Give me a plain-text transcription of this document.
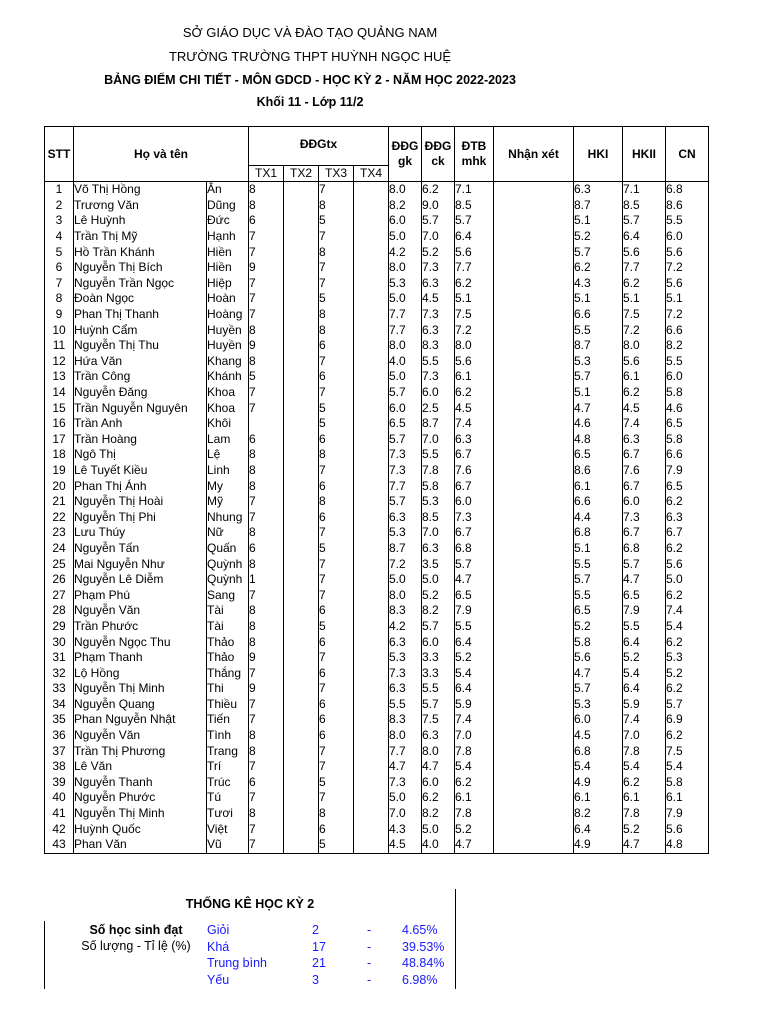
SỞ GIÁO DỤC VÀ ĐÀO TẠO QUẢNG NAM
TRƯỜNG TRƯỜNG THPT HUỲNH NGỌC HUỆ
BẢNG ĐIỂM CHI TIẾT - MÔN GDCD - HỌC KỲ 2 - NĂM HỌC 2022-2023
Khối 11 - Lớp 11/2
STT	Họ và tên		ĐĐGtx				ĐĐG gk	ĐĐG ck	ĐTB mhk	Nhận xét	HKI	HKII	CN
			TX1	TX2	TX3	TX4							
1	Võ Thị Hồng	Ân	8		7		8.0	6.2	7.1		6.3	7.1	6.8
2	Trương Văn	Dũng	8		8		8.2	9.0	8.5		8.7	8.5	8.6
3	Lê Huỳnh	Đức	6		5		6.0	5.7	5.7		5.1	5.7	5.5
4	Trần Thị Mỹ	Hạnh	7		7		5.0	7.0	6.4		5.2	6.4	6.0
5	Hồ Trần Khánh	Hiền	7		8		4.2	5.2	5.6		5.7	5.6	5.6
6	Nguyễn Thị Bích	Hiền	9		7		8.0	7.3	7.7		6.2	7.7	7.2
7	Nguyễn Trần Ngọc	Hiệp	7		7		5.3	6.3	6.2		4.3	6.2	5.6
8	Đoàn Ngọc	Hoàn	7		5		5.0	4.5	5.1		5.1	5.1	5.1
9	Phan Thị Thanh	Hoàng	7		8		7.7	7.3	7.5		6.6	7.5	7.2
10	Huỳnh Cẩm	Huyền	8		8		7.7	6.3	7.2		5.5	7.2	6.6
11	Nguyễn Thị Thu	Huyền	9		6		8.0	8.3	8.0		8.7	8.0	8.2
12	Hứa Văn	Khang	8		7		4.0	5.5	5.6		5.3	5.6	5.5
13	Trần Công	Khánh	5		6		5.0	7.3	6.1		5.7	6.1	6.0
14	Nguyễn Đăng	Khoa	7		7		5.7	6.0	6.2		5.1	6.2	5.8
15	Trần Nguyễn Nguyên	Khoa	7		5		6.0	2.5	4.5		4.7	4.5	4.6
16	Trần Anh	Khôi			5		6.5	8.7	7.4		4.6	7.4	6.5
17	Trần Hoàng	Lam	6		6		5.7	7.0	6.3		4.8	6.3	5.8
18	Ngô Thị	Lệ	8		8		7.3	5.5	6.7		6.5	6.7	6.6
19	Lê Tuyết Kiều	Linh	8		7		7.3	7.8	7.6		8.6	7.6	7.9
20	Phan Thị Ánh	My	8		6		7.7	5.8	6.7		6.1	6.7	6.5
21	Nguyễn Thị Hoài	Mỹ	7		8		5.7	5.3	6.0		6.6	6.0	6.2
22	Nguyễn Thị Phi	Nhung	7		6		6.3	8.5	7.3		4.4	7.3	6.3
23	Lưu Thúy	Nữ	8		7		5.3	7.0	6.7		6.8	6.7	6.7
24	Nguyễn Tấn	Quấn	6		5		8.7	6.3	6.8		5.1	6.8	6.2
25	Mai Nguyễn Như	Quỳnh	8		7		7.2	3.5	5.7		5.5	5.7	5.6
26	Nguyễn Lê Diễm	Quỳnh	1		7		5.0	5.0	4.7		5.7	4.7	5.0
27	Phạm Phú	Sang	7		7		8.0	5.2	6.5		5.5	6.5	6.2
28	Nguyễn Văn	Tài	8		6		8.3	8.2	7.9		6.5	7.9	7.4
29	Trần Phước	Tài	8		5		4.2	5.7	5.5		5.2	5.5	5.4
30	Nguyễn Ngọc Thu	Thảo	8		6		6.3	6.0	6.4		5.8	6.4	6.2
31	Phạm Thanh	Thảo	9		7		5.3	3.3	5.2		5.6	5.2	5.3
32	Lộ Hồng	Thắng	7		6		7.3	3.3	5.4		4.7	5.4	5.2
33	Nguyễn Thị Minh	Thi	9		7		6.3	5.5	6.4		5.7	6.4	6.2
34	Nguyễn Quang	Thiều	7		6		5.5	5.7	5.9		5.3	5.9	5.7
35	Phan Nguyễn Nhật	Tiến	7		6		8.3	7.5	7.4		6.0	7.4	6.9
36	Nguyễn Văn	Tình	8		6		8.0	6.3	7.0		4.5	7.0	6.2
37	Trần Thị Phương	Trang	8		7		7.7	8.0	7.8		6.8	7.8	7.5
38	Lê Văn	Trí	7		7		4.7	4.7	5.4		5.4	5.4	5.4
39	Nguyễn Thanh	Trúc	6		5		7.3	6.0	6.2		4.9	6.2	5.8
40	Nguyễn Phước	Tú	7		7		5.0	6.2	6.1		6.1	6.1	6.1
41	Nguyễn Thị Minh	Tươi	8		8		7.0	8.2	7.8		8.2	7.8	7.9
42	Huỳnh Quốc	Việt	7		6		4.3	5.0	5.2		6.4	5.2	5.6
43	Phan Văn	Vũ	7		5		4.5	4.0	4.7		4.9	4.7	4.8
THỐNG KÊ HỌC KỲ 2
Số học sinh đạt
Số lượng - Tỉ lệ (%)
Giỏi	2	- 4.65%
Khá	17	- 39.53%
Trung bình	21	- 48.84%
Yếu	3	- 6.98%
